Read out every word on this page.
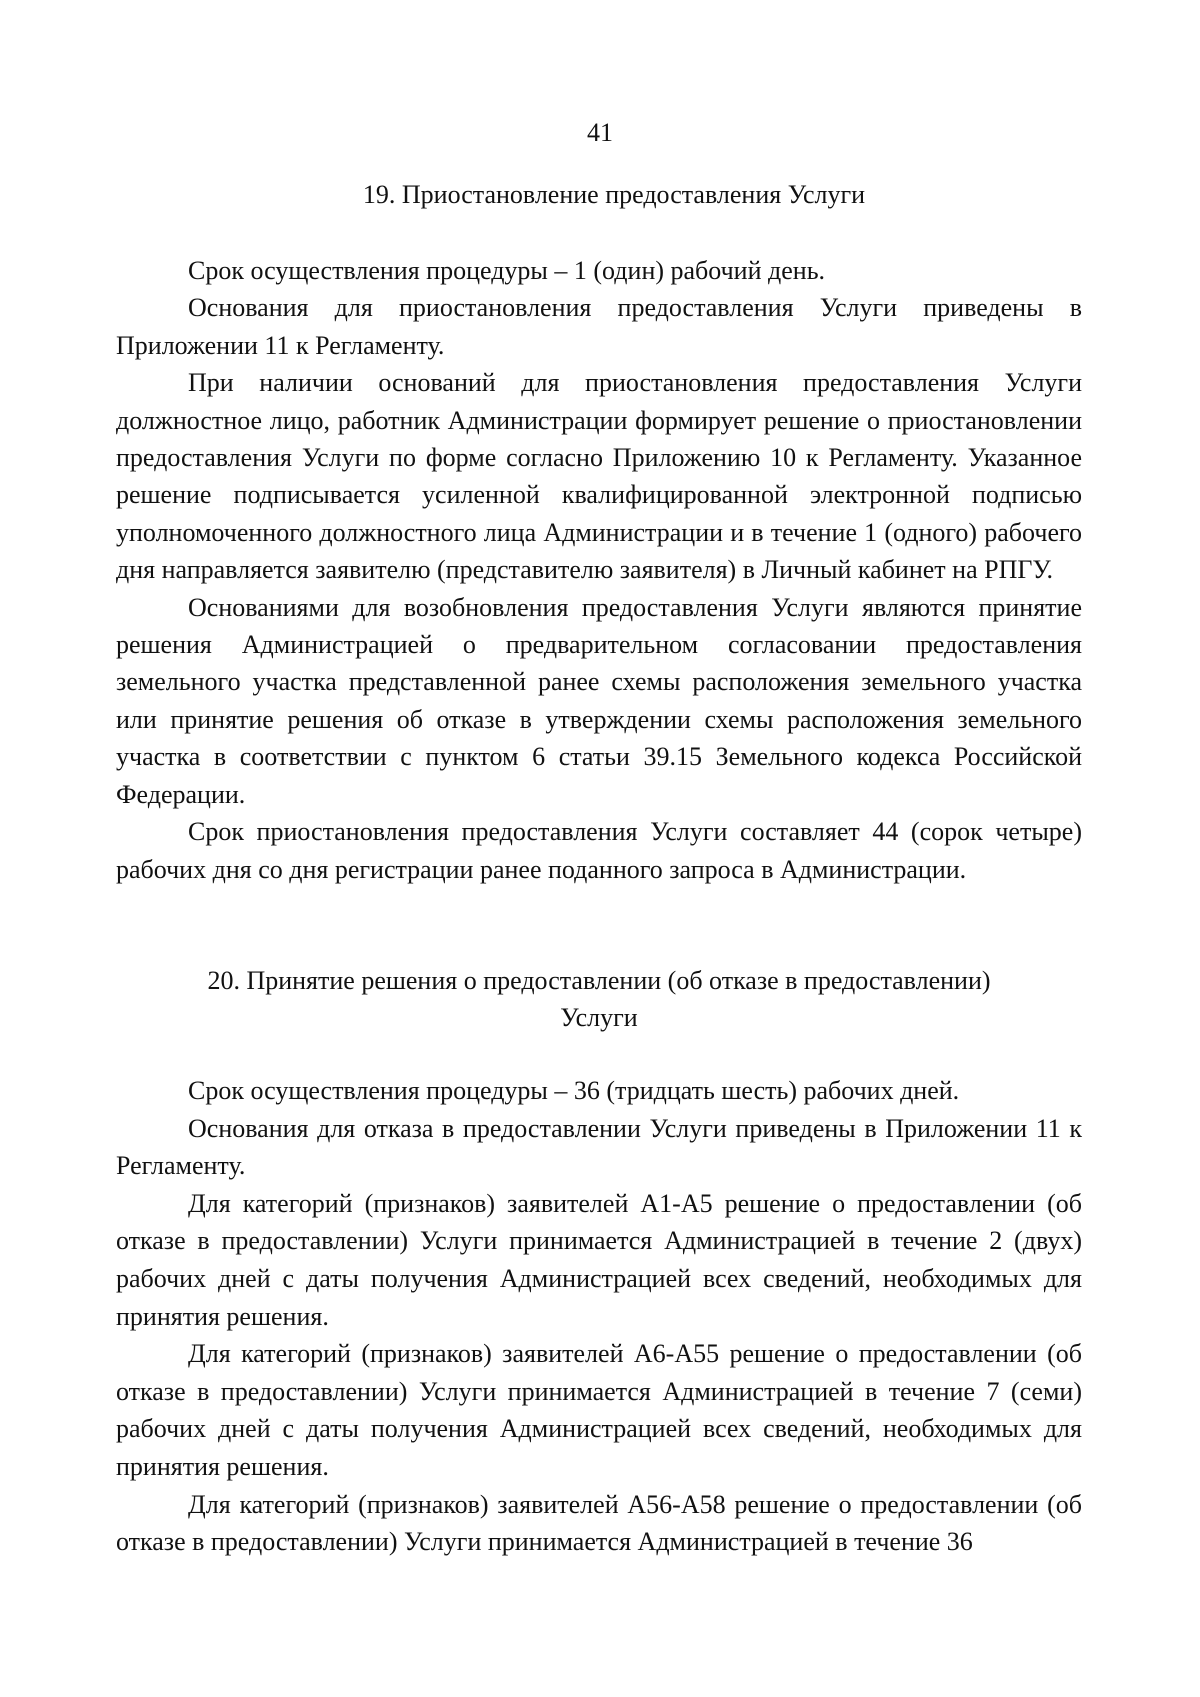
41
19. Приостановление предоставления Услуги

Срок осуществления процедуры – 1 (один) рабочий день.

Основания для приостановления предоставления Услуги приведены в Приложении 11 к Регламенту.

При наличии оснований для приостановления предоставления Услуги должностное лицо, работник Администрации формирует решение о приостановлении предоставления Услуги по форме согласно Приложению 10 к Регламенту. Указанное решение подписывается усиленной квалифицированной электронной подписью уполномоченного должностного лица Администрации и в течение 1 (одного) рабочего дня направляется заявителю (представителю заявителя) в Личный кабинет на РПГУ.

Основаниями для возобновления предоставления Услуги являются принятие решения Администрацией о предварительном согласовании предоставления земельного участка представленной ранее схемы расположения земельного участка или принятие решения об отказе в утверждении схемы расположения земельного участка в соответствии с пунктом 6 статьи 39.15 Земельного кодекса Российской Федерации.

Срок приостановления предоставления Услуги составляет 44 (сорок четыре) рабочих дня со дня регистрации ранее поданного запроса в Администрации.

20. Принятие решения о предоставлении (об отказе в предоставлении)
Услуги

Срок осуществления процедуры – 36 (тридцать шесть) рабочих дней.

Основания для отказа в предоставлении Услуги приведены в Приложении 11 к Регламенту.

Для категорий (признаков) заявителей А1-А5 решение о предоставлении (об отказе в предоставлении) Услуги принимается Администрацией в течение 2 (двух) рабочих дней с даты получения Администрацией всех сведений, необходимых для принятия решения.

Для категорий (признаков) заявителей А6-А55 решение о предоставлении (об отказе в предоставлении) Услуги принимается Администрацией в течение 7 (семи) рабочих дней с даты получения Администрацией всех сведений, необходимых для принятия решения.

Для категорий (признаков) заявителей А56-А58 решение о предоставлении (об отказе в предоставлении) Услуги принимается Администрацией в течение 36
